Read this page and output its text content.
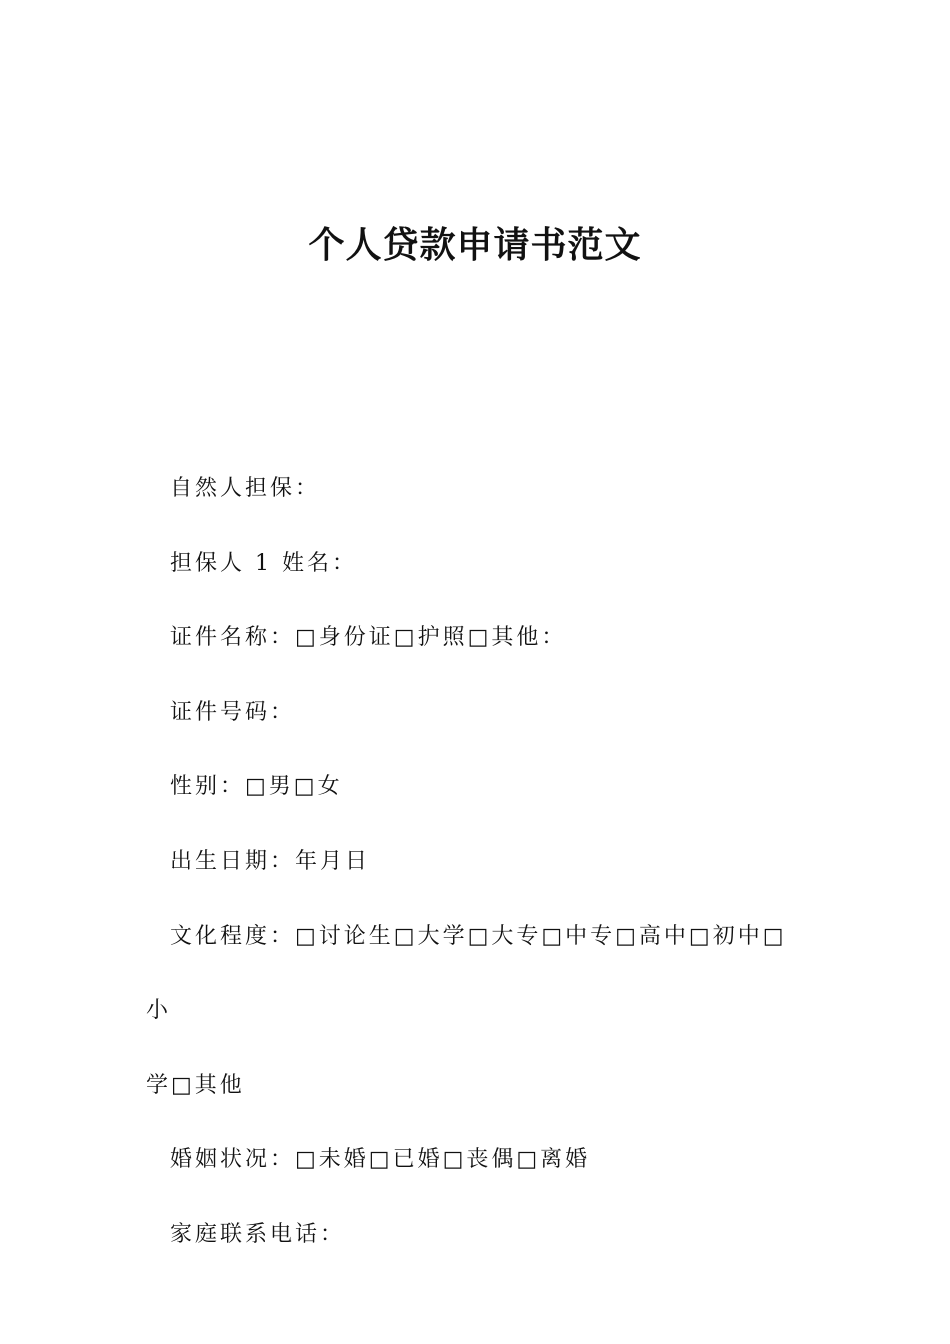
个人贷款申请书范文

自然人担保：

担保人 1 姓名：

证件名称：□身份证□护照□其他：

证件号码：

性别：□男□女

出生日期：年月日

文化程度：□讨论生□大学□大专□中专□高中□初中□小

学□其他

婚姻状况：□未婚□已婚□丧偶□离婚

家庭联系电话：
